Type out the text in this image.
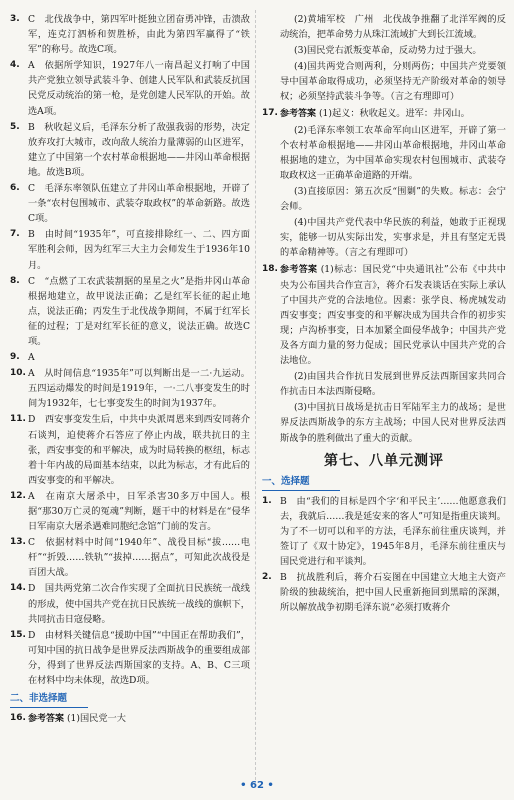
3. C　北伐战争中，第四军叶挺独立团奋勇冲锋，击溃敌军，连克汀泗桥和贺胜桥，由此为第四军赢得了“铁军”的称号。故选C项。
4. A　依据所学知识，1927年八一南昌起义打响了中国共产党独立领导武装斗争、创建人民军队和武装反抗国民党反动统治的第一枪，是党创建人民军队的开始。故选A项。
5. B　秋收起义后，毛泽东分析了敌强我弱的形势，决定放弃攻打大城市，改向敌人统治力量薄弱的山区进军，建立了中国第一个农村革命根据地——井冈山革命根据地。故选B项。
6. C　毛泽东率领队伍建立了井冈山革命根据地，开辟了一条“农村包围城市、武装夺取政权”的革命新路。故选C项。
7. B　由时间“1935年”，可直接排除红一、二、四方面军胜利会师，因为红军三大主力会师发生于1936年10月。
8. C　“点燃了工农武装割据的星星之火”是指井冈山革命根据地建立，故甲说法正确；乙是红军长征的起止地点，说法正确；丙发生于北伐战争期间，不属于红军长征的过程；丁是对红军长征的意义，说法正确。故选C项。
9. A
10. A　从时间信息“1935年”可以判断出是一二·九运动。五四运动爆发的时间是1919年，一·二八事变发生的时间为1932年，七七事变发生的时间为1937年。
11. D　西安事变发生后，中共中央派周恩来到西安同蒋介石谈判，迫使蒋介石答应了停止内战，联共抗日的主张，西安事变的和平解决，成为时局转换的枢纽，标志着十年内战的局面基本结束，以此为标志，才有此后的西安事变的和平解决。
12. A　在南京大屠杀中，日军杀害30多万中国人。根据“那30万亡灵的冤魂”判断，题干中的材料是在“侵华日军南京大屠杀遇难同胞纪念馆”门前的发言。
13. C　依据材料中时间“1940年”、战役目标“拔……电杆”“折毁……铁轨”“拔掉……据点”，可知此次战役是百团大战。
14. D　国共两党第二次合作实现了全面抗日民族统一战线的形成，使中国共产党在抗日民族统一战线的旗帜下，共同抗击日寇侵略。
15. D　由材料关键信息“援助中国”“中国正在帮助我们”，可知中国的抗日战争是世界反法西斯战争的重要组成部分，得到了世界反法西斯国家的支持。A、B、C三项在材料中均未体现，故选D项。
二、非选择题
16. 参考答案 (1)国民党一大
(2)黄埔军校　广州　北伐战争推翻了北洋军阀的反动统治，把革命势力从珠江流域扩大到长江流域。
(3)国民党右派叛变革命，反动势力过于强大。
(4)国共两党合则两利，分则两伤；中国共产党要领导中国革命取得成功，必须坚持无产阶级对革命的领导权；必须坚持武装斗争等。（言之有理即可）
17. 参考答案 (1)起义：秋收起义。进军：井冈山。
(2)毛泽东率领工农革命军向山区进军，开辟了第一个农村革命根据地——井冈山革命根据地，井冈山革命根据地的建立，为中国革命实现农村包围城市、武装夺取政权这一正确革命道路的开端。
(3)直接原因：第五次反“围剿”的失败。标志：会宁会师。
(4)中国共产党代表中华民族的利益，她敢于正视现实，能够一切从实际出发，实事求是，并且有坚定无畏的革命精神等。（言之有理即可）
18. 参考答案 (1)标志：国民党“中央通讯社”公布《中共中央为公布国共合作宣言》，蒋介石发表谈话在实际上承认了中国共产党的合法地位。因素：张学良、杨虎城发动西安事变；西安事变的和平解决成为国共合作的初步实现；卢沟桥事变，日本加紧全面侵华战争；中国共产党及各方面力量的努力促成；国民党承认中国共产党的合法地位。
(2)由国共合作抗日发展到世界反法西斯国家共同合作抗击日本法西斯侵略。
(3)中国抗日战场是抗击日军陆军主力的战场；是世界反法西斯战争的东方主战场；中国人民对世界反法西斯战争的胜利做出了重大的贡献。
第七、八单元测评
一、选择题
1. B　由“我们的目标是四个字‘和平民主’……他愿意我们去，我就后……我是延安来的客人”可知是指重庆谈判。为了不一切可以和平的方法，毛泽东前往重庆谈判，并签订了《双十协定》，1945年8月，毛泽东前往重庆与国民党进行和平谈判。
2. B　抗战胜利后，蒋介石妄图在中国建立大地主大资产阶级的独裁统治，把中国人民重新拖回到黑暗的深渊，所以解放战争初期毛泽东说“必须打败蒋介
• 62 •
